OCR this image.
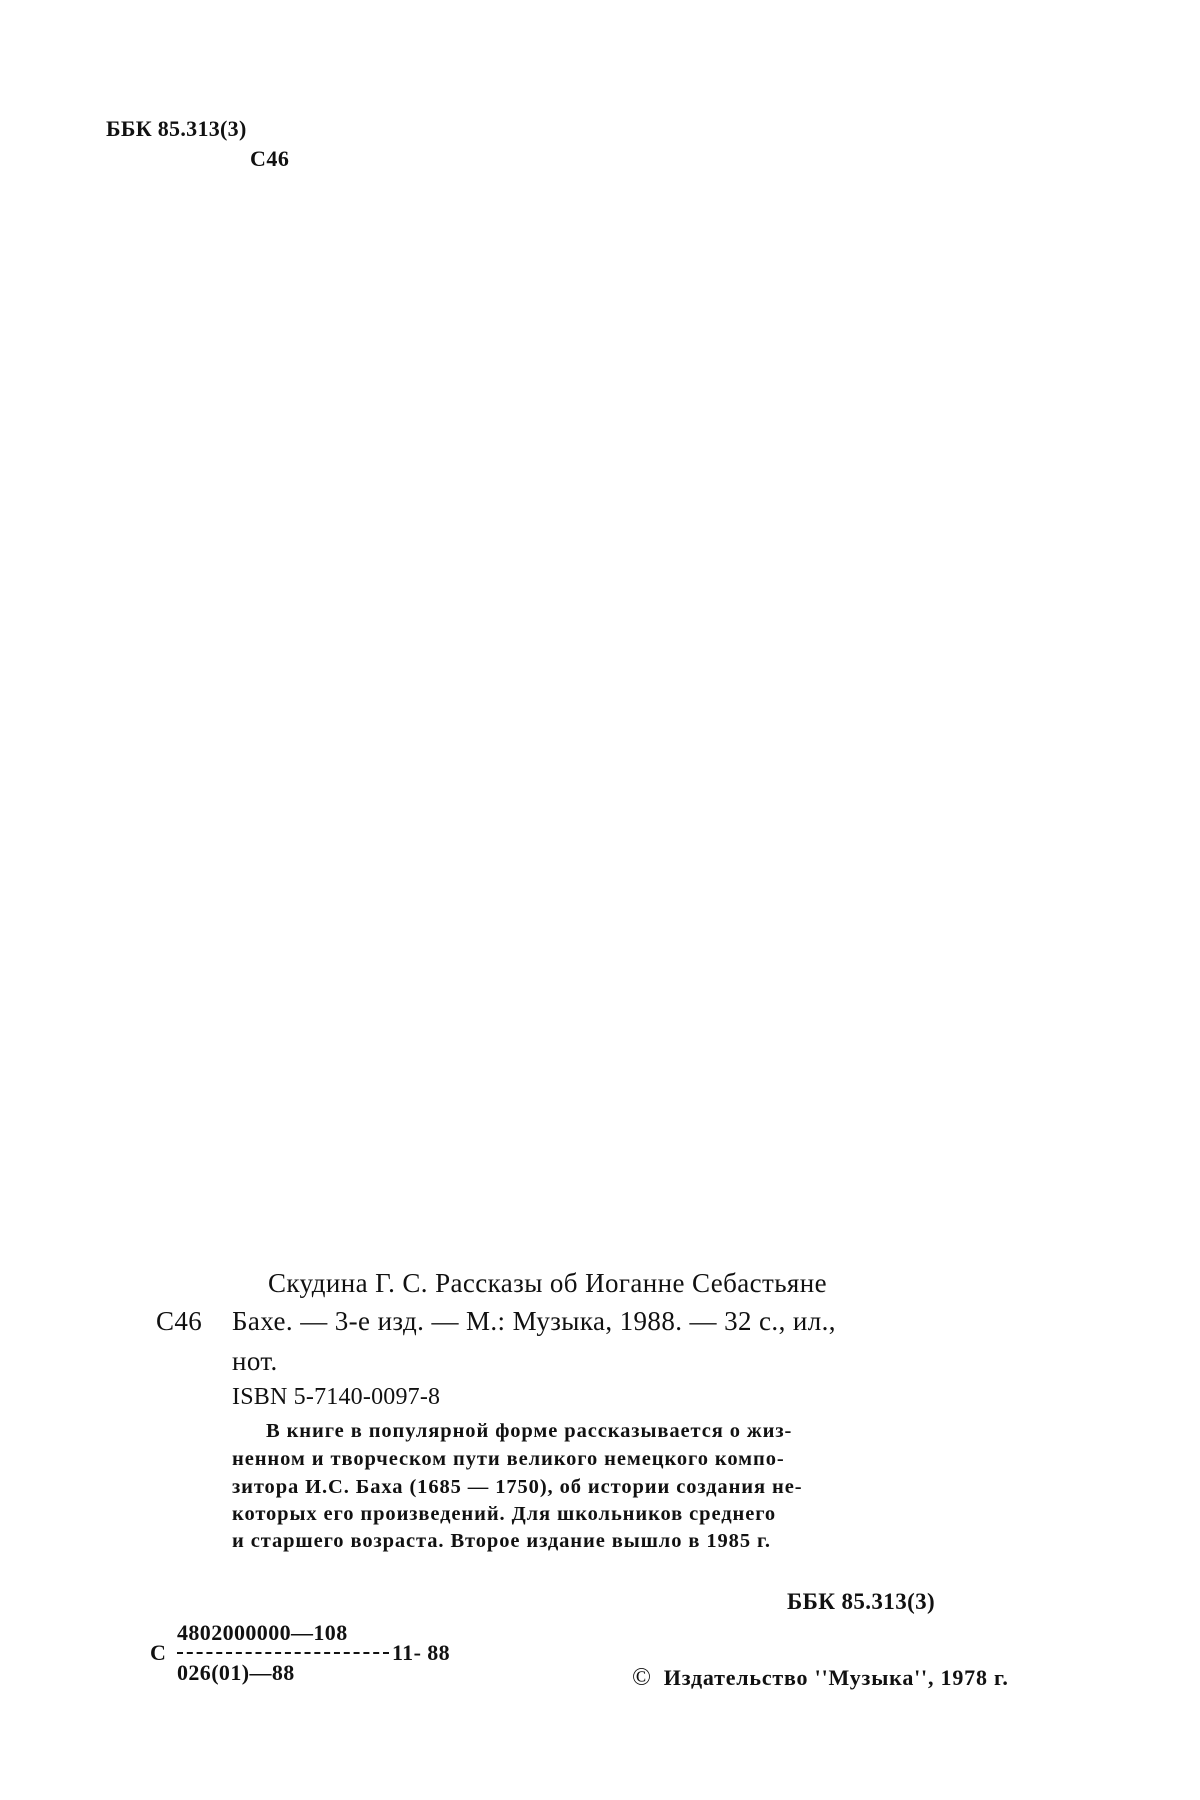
ББК 85.313(3)
С46
Скудина Г. С. Рассказы об Иоганне Себастьяне
С46 Бахе. — 3-е изд. — М.: Музыка, 1988. — 32 с., ил.,
нот.
ISBN 5-7140-0097-8
В книге в популярной форме рассказывается о жиз-
ненном и творческом пути великого немецкого компо-
зитора И.С. Баха (1685 — 1750), об истории создания не-
которых его произведений. Для школьников среднего
и старшего возраста. Второе издание вышло в 1985 г.
ББК 85.313(3)
С
4802000000—108
11- 88
026(01)—88	© Издательство ''Музыка'', 1978 г.
